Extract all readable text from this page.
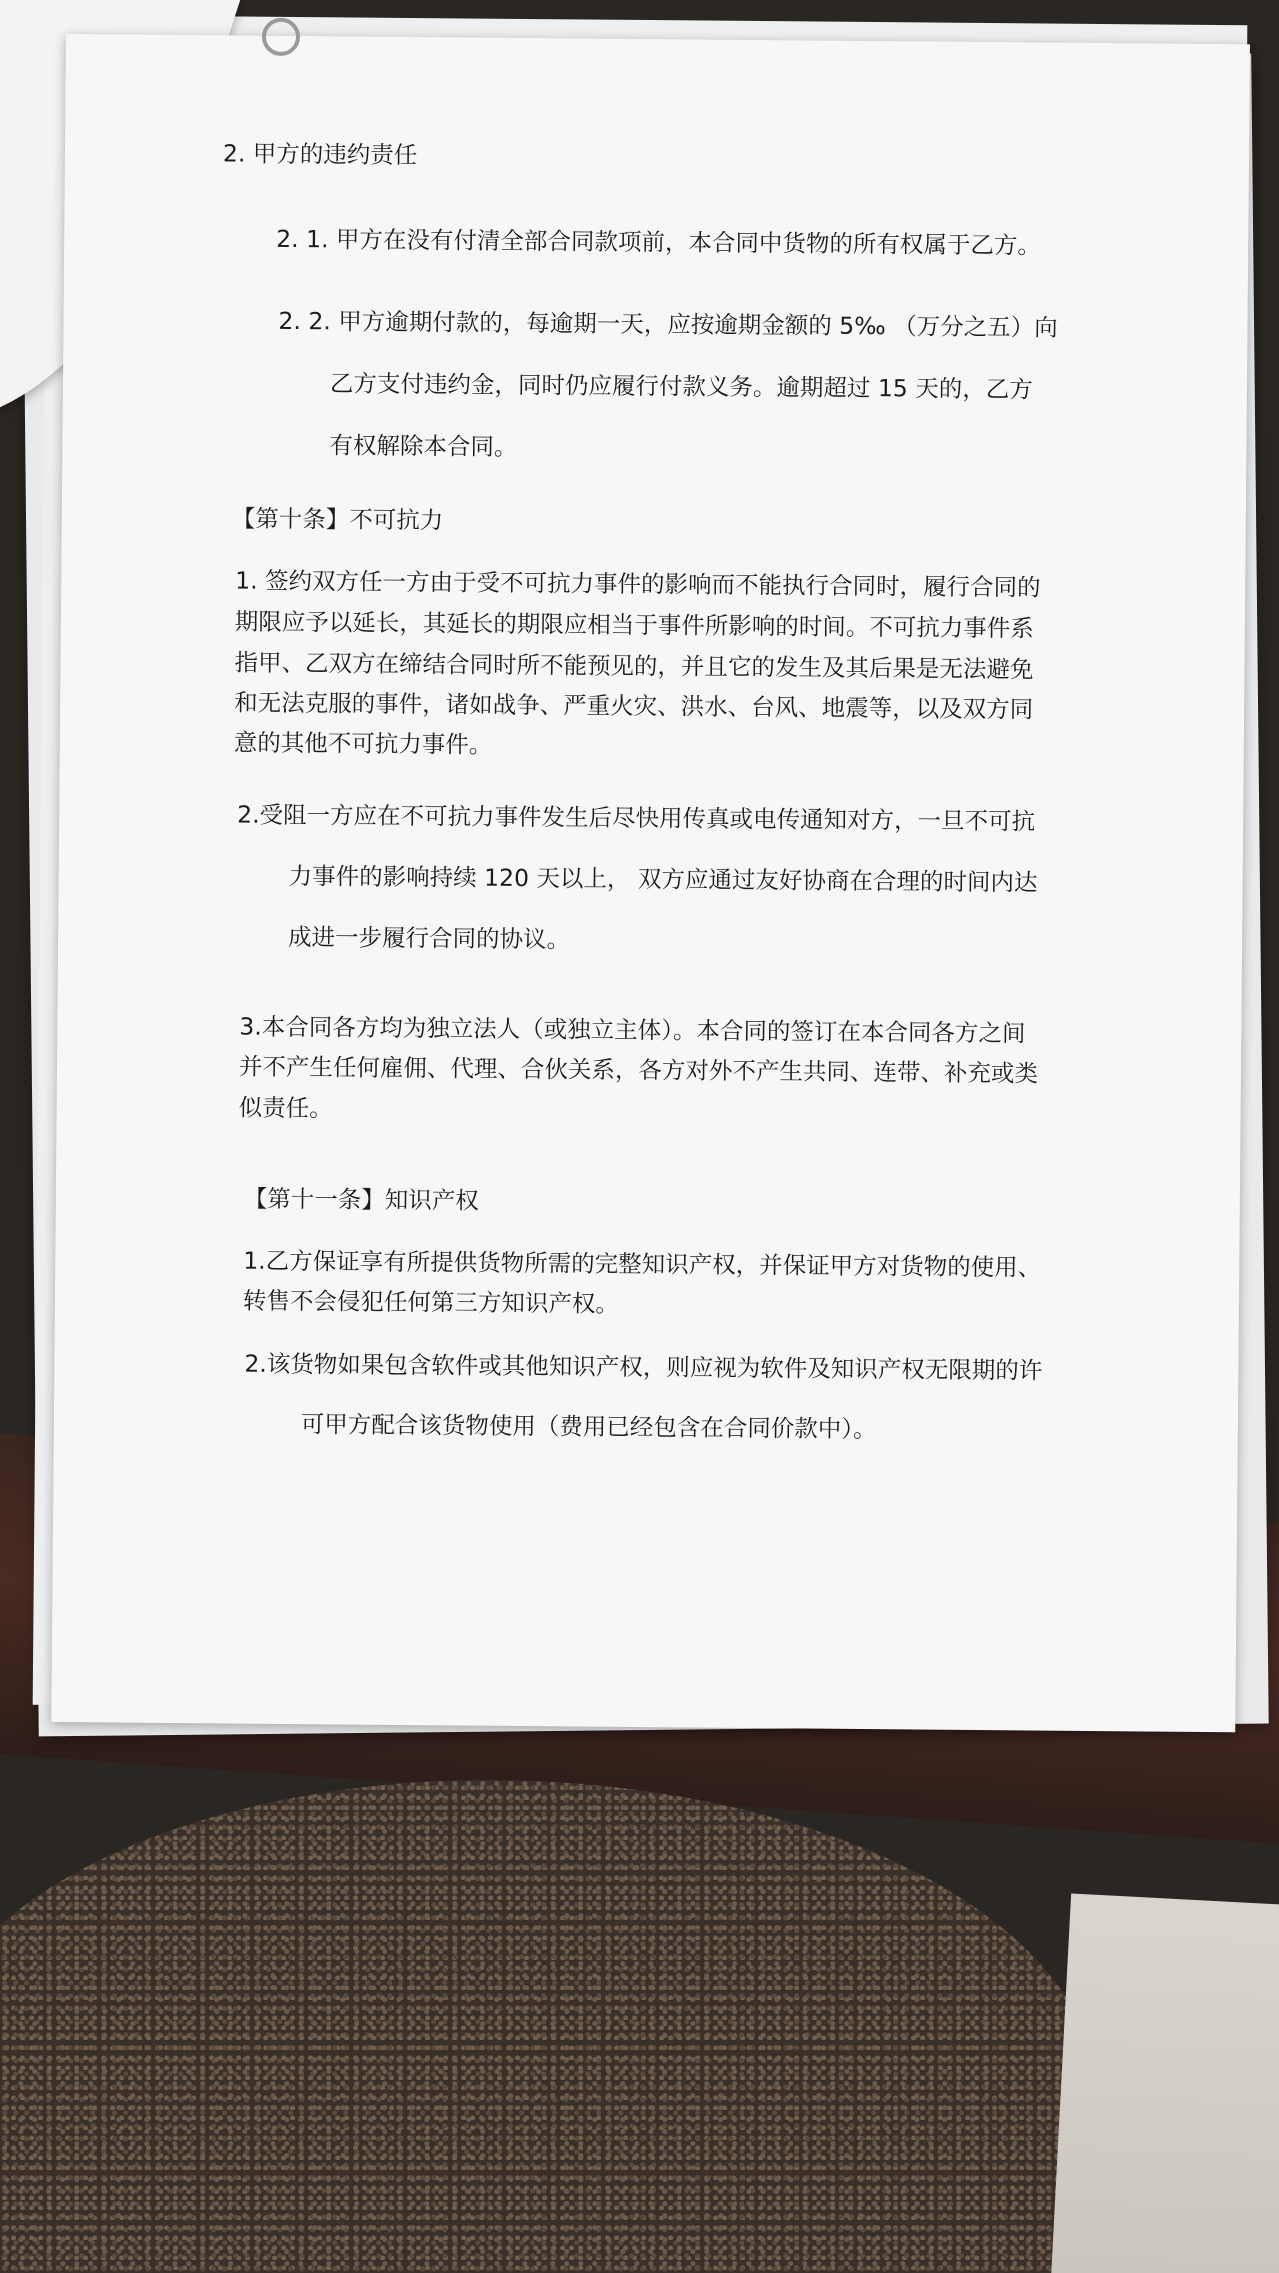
2. 甲方的违约责任
2. 1. 甲方在没有付清全部合同款项前，本合同中货物的所有权属于乙方。
2. 2. 甲方逾期付款的，每逾期一天，应按逾期金额的 5‰ （万分之五）向
乙方支付违约金，同时仍应履行付款义务。逾期超过 15 天的，乙方
有权解除本合同。
【第十条】不可抗力
1. 签约双方任一方由于受不可抗力事件的影响而不能执行合同时，履行合同的
期限应予以延长，其延长的期限应相当于事件所影响的时间。不可抗力事件系
指甲、乙双方在缔结合同时所不能预见的，并且它的发生及其后果是无法避免
和无法克服的事件，诸如战争、严重火灾、洪水、台风、地震等，以及双方同
意的其他不可抗力事件。
2.受阻一方应在不可抗力事件发生后尽快用传真或电传通知对方，一旦不可抗
力事件的影响持续 120 天以上， 双方应通过友好协商在合理的时间内达
成进一步履行合同的协议。
3.本合同各方均为独立法人（或独立主体）。本合同的签订在本合同各方之间
并不产生任何雇佣、代理、合伙关系，各方对外不产生共同、连带、补充或类
似责任。
【第十一条】知识产权
1.乙方保证享有所提供货物所需的完整知识产权，并保证甲方对货物的使用、
转售不会侵犯任何第三方知识产权。
2.该货物如果包含软件或其他知识产权，则应视为软件及知识产权无限期的许
可甲方配合该货物使用（费用已经包含在合同价款中）。
